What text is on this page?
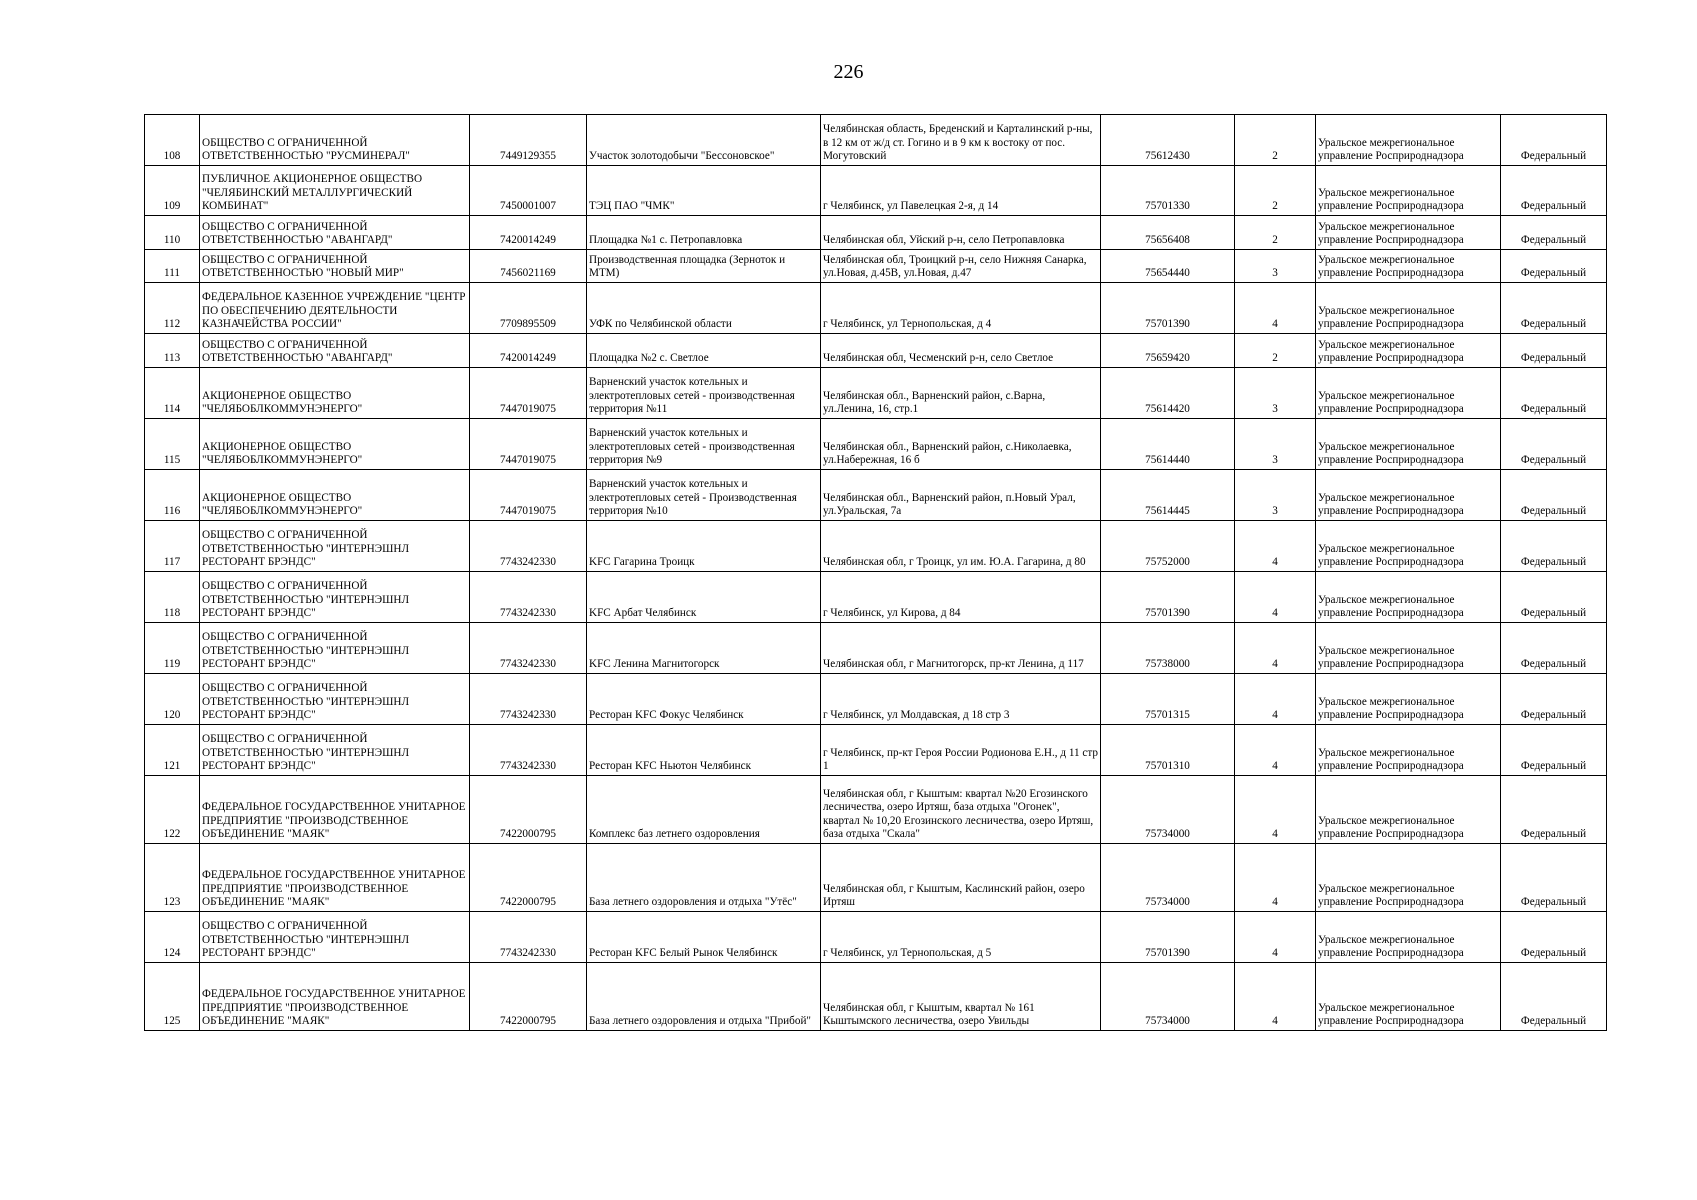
226
108	ОБЩЕСТВО С ОГРАНИЧЕННОЙ ОТВЕТСТВЕННОСТЬЮ "РУСМИНЕРАЛ"	7449129355	Участок золотодобычи "Бессоновское"	Челябинская область, Бреденский и Карталинский р-ны, в 12 км от ж/д ст. Гогино и в 9 км к востоку от пос. Могутовский	75612430	2	Уральское межрегиональное управление Росприроднадзора	Федеральный
109	ПУБЛИЧНОЕ АКЦИОНЕРНОЕ ОБЩЕСТВО "ЧЕЛЯБИНСКИЙ МЕТАЛЛУРГИЧЕСКИЙ КОМБИНАТ"	7450001007	ТЭЦ ПАО "ЧМК"	г Челябинск, ул Павелецкая 2-я, д 14	75701330	2	Уральское межрегиональное управление Росприроднадзора	Федеральный
110	ОБЩЕСТВО С ОГРАНИЧЕННОЙ ОТВЕТСТВЕННОСТЬЮ "АВАНГАРД"	7420014249	Площадка №1 с. Петропавловка	Челябинская обл, Уйский р-н, село Петропавловка	75656408	2	Уральское межрегиональное управление Росприроднадзора	Федеральный
111	ОБЩЕСТВО С ОГРАНИЧЕННОЙ ОТВЕТСТВЕННОСТЬЮ "НОВЫЙ МИР"	7456021169	Производственная площадка (Зерноток и МТМ)	Челябинская обл, Троицкий р-н, село Нижняя Санарка, ул.Новая, д.45В, ул.Новая, д.47	75654440	3	Уральское межрегиональное управление Росприроднадзора	Федеральный
112	ФЕДЕРАЛЬНОЕ КАЗЕННОЕ УЧРЕЖДЕНИЕ "ЦЕНТР ПО ОБЕСПЕЧЕНИЮ ДЕЯТЕЛЬНОСТИ КАЗНАЧЕЙСТВА РОССИИ"	7709895509	УФК по Челябинской области	г Челябинск, ул Тернопольская, д 4	75701390	4	Уральское межрегиональное управление Росприроднадзора	Федеральный
113	ОБЩЕСТВО С ОГРАНИЧЕННОЙ ОТВЕТСТВЕННОСТЬЮ "АВАНГАРД"	7420014249	Площадка №2 с. Светлое	Челябинская обл, Чесменский р-н, село Светлое	75659420	2	Уральское межрегиональное управление Росприроднадзора	Федеральный
114	АКЦИОНЕРНОЕ ОБЩЕСТВО "ЧЕЛЯБОБЛКОММУНЭНЕРГО"	7447019075	Варненский участок котельных и электротепловых сетей - производственная территория №11	Челябинская обл., Варненский район, с.Варна, ул.Ленина, 16, стр.1	75614420	3	Уральское межрегиональное управление Росприроднадзора	Федеральный
115	АКЦИОНЕРНОЕ ОБЩЕСТВО "ЧЕЛЯБОБЛКОММУНЭНЕРГО"	7447019075	Варненский участок котельных и электротепловых сетей - производственная территория №9	Челябинская обл., Варненский район, с.Николаевка, ул.Набережная, 16 б	75614440	3	Уральское межрегиональное управление Росприроднадзора	Федеральный
116	АКЦИОНЕРНОЕ ОБЩЕСТВО "ЧЕЛЯБОБЛКОММУНЭНЕРГО"	7447019075	Варненский участок котельных и электротепловых сетей - Производственная территория №10	Челябинская обл., Варненский район, п.Новый Урал, ул.Уральская, 7а	75614445	3	Уральское межрегиональное управление Росприроднадзора	Федеральный
117	ОБЩЕСТВО С ОГРАНИЧЕННОЙ ОТВЕТСТВЕННОСТЬЮ "ИНТЕРНЭШНЛ РЕСТОРАНТ БРЭНДС"	7743242330	KFC Гагарина Троицк	Челябинская обл, г Троицк, ул им. Ю.А. Гагарина, д 80	75752000	4	Уральское межрегиональное управление Росприроднадзора	Федеральный
118	ОБЩЕСТВО С ОГРАНИЧЕННОЙ ОТВЕТСТВЕННОСТЬЮ "ИНТЕРНЭШНЛ РЕСТОРАНТ БРЭНДС"	7743242330	KFC Арбат Челябинск	г Челябинск, ул Кирова, д 84	75701390	4	Уральское межрегиональное управление Росприроднадзора	Федеральный
119	ОБЩЕСТВО С ОГРАНИЧЕННОЙ ОТВЕТСТВЕННОСТЬЮ "ИНТЕРНЭШНЛ РЕСТОРАНТ БРЭНДС"	7743242330	KFC Ленина Магнитогорск	Челябинская обл, г Магнитогорск, пр-кт Ленина, д 117	75738000	4	Уральское межрегиональное управление Росприроднадзора	Федеральный
120	ОБЩЕСТВО С ОГРАНИЧЕННОЙ ОТВЕТСТВЕННОСТЬЮ "ИНТЕРНЭШНЛ РЕСТОРАНТ БРЭНДС"	7743242330	Ресторан KFC Фокус Челябинск	г Челябинск, ул Молдавская, д 18 стр 3	75701315	4	Уральское межрегиональное управление Росприроднадзора	Федеральный
121	ОБЩЕСТВО С ОГРАНИЧЕННОЙ ОТВЕТСТВЕННОСТЬЮ "ИНТЕРНЭШНЛ РЕСТОРАНТ БРЭНДС"	7743242330	Ресторан KFC Ньютон Челябинск	г Челябинск, пр-кт Героя России Родионова Е.Н., д 11 стр 1	75701310	4	Уральское межрегиональное управление Росприроднадзора	Федеральный
122	ФЕДЕРАЛЬНОЕ ГОСУДАРСТВЕННОЕ УНИТАРНОЕ ПРЕДПРИЯТИЕ "ПРОИЗВОДСТВЕННОЕ ОБЪЕДИНЕНИЕ "МАЯК"	7422000795	Комплекс баз летнего оздоровления	Челябинская обл, г Кыштым: квартал №20 Егозинского лесничества, озеро Иртяш, база отдыха "Огонек", квартал № 10,20 Егозинского лесничества, озеро Иртяш, база отдыха "Скала"	75734000	4	Уральское межрегиональное управление Росприроднадзора	Федеральный
123	ФЕДЕРАЛЬНОЕ ГОСУДАРСТВЕННОЕ УНИТАРНОЕ ПРЕДПРИЯТИЕ "ПРОИЗВОДСТВЕННОЕ ОБЪЕДИНЕНИЕ "МАЯК"	7422000795	База летнего оздоровления и отдыха "Утёс"	Челябинская обл, г Кыштым, Каслинский район, озеро Иртяш	75734000	4	Уральское межрегиональное управление Росприроднадзора	Федеральный
124	ОБЩЕСТВО С ОГРАНИЧЕННОЙ ОТВЕТСТВЕННОСТЬЮ "ИНТЕРНЭШНЛ РЕСТОРАНТ БРЭНДС"	7743242330	Ресторан KFC Белый Рынок Челябинск	г Челябинск, ул Тернопольская, д 5	75701390	4	Уральское межрегиональное управление Росприроднадзора	Федеральный
125	ФЕДЕРАЛЬНОЕ ГОСУДАРСТВЕННОЕ УНИТАРНОЕ ПРЕДПРИЯТИЕ "ПРОИЗВОДСТВЕННОЕ ОБЪЕДИНЕНИЕ "МАЯК"	7422000795	База летнего оздоровления и отдыха "Прибой"	Челябинская обл, г Кыштым, квартал № 161 Кыштымского лесничества, озеро Увильды	75734000	4	Уральское межрегиональное управление Росприроднадзора	Федеральный
